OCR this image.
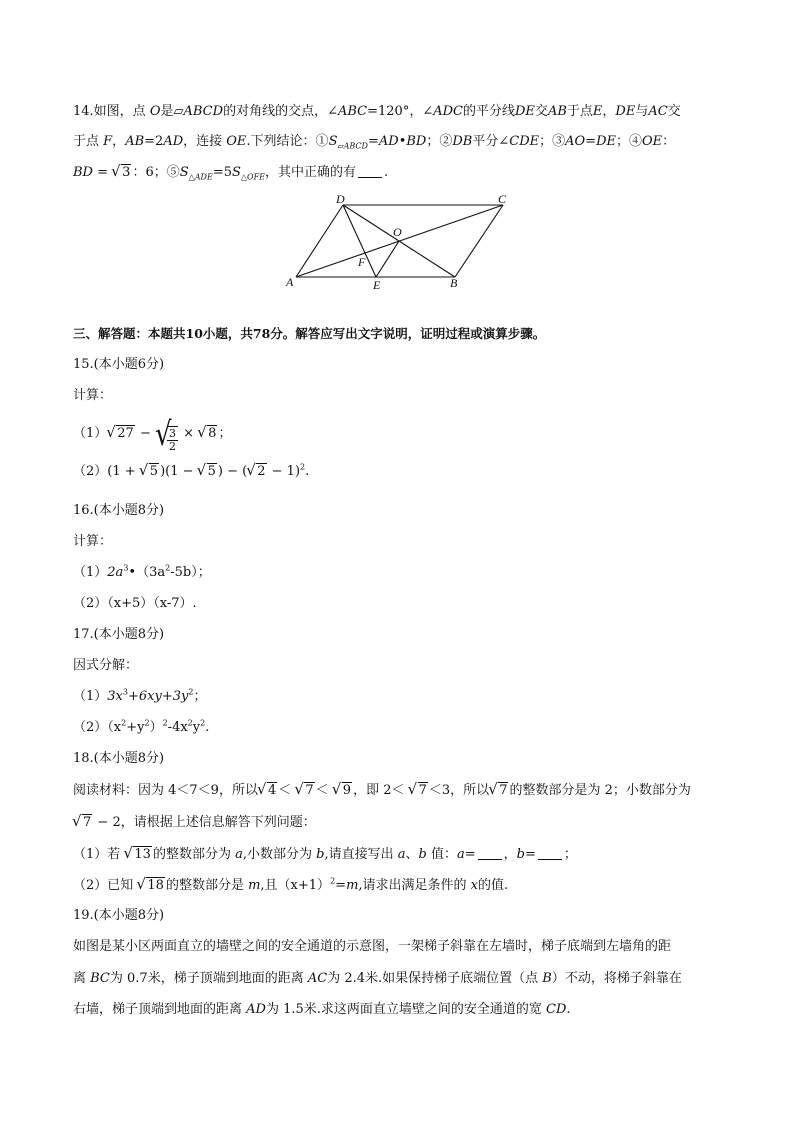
14.如图，点 O是▱ABCD的对角线的交点，∠ABC=120°，∠ADC的平分线DE交AB于点E，DE与AC交
于点 F，AB=2AD，连接 OE.下列结论：$①S_{▱ABCD}=AD•BD$；②DB平分∠CDE；③AO=DE；④OE：
BD = √ 3 ：6；$⑤S_{\triangle ADE}=5S_{\triangle OFE}$，其中正确的有 .
D	C
O
F
A	E	B
三、解答题：本题共10小题，共78分。解答应写出文字说明，证明过程或演算步骤。
15.(本小题6分)
计算：
（1） √ 27 − √ $\frac{3}{2}$ × √ 8 ；
（2）(1 + √ 5 )(1 − √ 5 ) − ( √ 2 − 1)$^2$.
16.(本小题8分)
计算：
$(1)2a^3•(3a^2-5b)$；
（2）（x+5）（x-7）.
17.(本小题8分)
因式分解：
$(1)3x^3+6xy+3y^2$；
$(2)(x^2+y^2)^2-4x^2y^2$.
18.(本小题8分)
阅读材料：因为 4＜7＜9，所以 √ 4 ＜ √ 7 ＜ √ 9 ，即 2＜ √ 7 ＜3，所以 √ 7 的整数部分是为 2；小数部分为
√ 7 − 2，请根据上述信息解答下列问题：
（1）若 √ 13 的整数部分为 a,小数部分为 b,请直接写出 a、b 值：a= ，b= ；
（2）已知 √ 18 的整数部分是 m,且$(x+1)^2=m$,请求出满足条件的 x的值.
19.(本小题8分)
如图是某小区两面直立的墙壁之间的安全通道的示意图，一架梯子斜靠在左墙时，梯子底端到左墙角的距
离 BC为 0.7米，梯子顶端到地面的距离 AC为 2.4米.如果保持梯子底端位置（点 B）不动，将梯子斜靠在
右墙，梯子顶端到地面的距离 AD为 1.5米.求这两面直立墙壁之间的安全通道的宽 CD.
